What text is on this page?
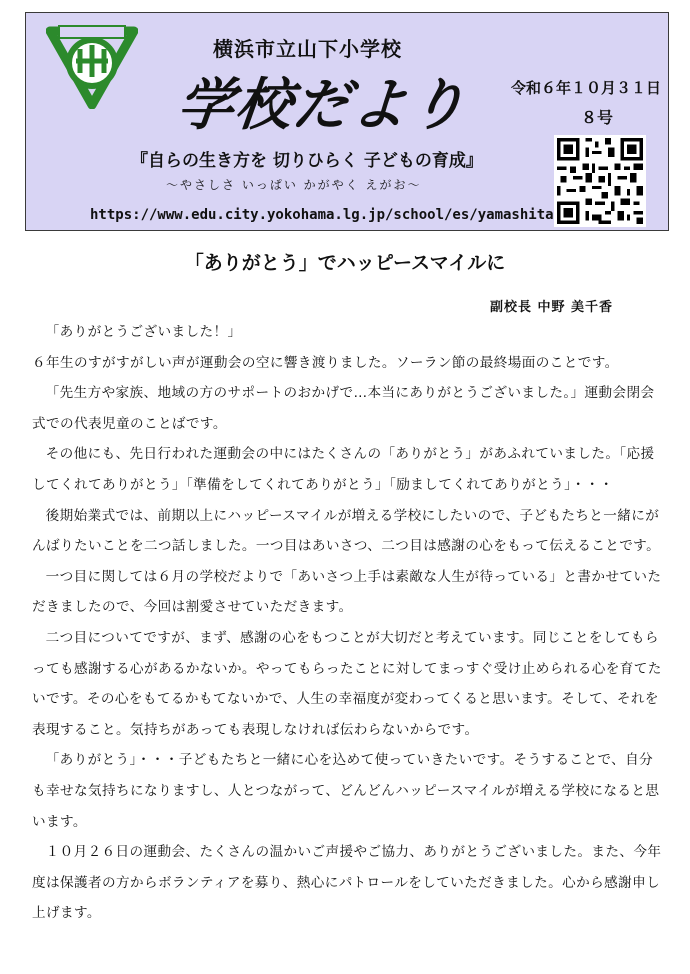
横浜市立山下小学校
学校だより	令和６年１０月３１日
８号
『自らの生き方を 切りひらく 子どもの育成』
～やさしさ いっぱい かがやく えがお～
https://www.edu.city.yokohama.lg.jp/school/es/yamashita
「ありがとう」でハッピースマイルに
副校長 中野 美千香

「ありがとうございました！」

６年生のすがすがしい声が運動会の空に響き渡りました。ソーラン節の最終場面のことです。

「先生方や家族、地域の方のサポートのおかげで…本当にありがとうございました。」運動会閉会式での代表児童のことばです。

その他にも、先日行われた運動会の中にはたくさんの「ありがとう」があふれていました。「応援してくれてありがとう」「準備をしてくれてありがとう」「励ましてくれてありがとう」・・・

後期始業式では、前期以上にハッピースマイルが増える学校にしたいので、子どもたちと一緒にがんばりたいことを二つ話しました。一つ目はあいさつ、二つ目は感謝の心をもって伝えることです。

一つ目に関しては６月の学校だよりで「あいさつ上手は素敵な人生が待っている」と書かせていただきましたので、今回は割愛させていただきます。

二つ目についてですが、まず、感謝の心をもつことが大切だと考えています。同じことをしてもらっても感謝する心があるかないか。やってもらったことに対してまっすぐ受け止められる心を育てたいです。その心をもてるかもてないかで、人生の幸福度が変わってくると思います。そして、それを表現すること。気持ちがあっても表現しなければ伝わらないからです。

「ありがとう」・・・子どもたちと一緒に心を込めて使っていきたいです。そうすることで、自分も幸せな気持ちになりますし、人とつながって、どんどんハッピースマイルが増える学校になると思います。

１０月２６日の運動会、たくさんの温かいご声援やご協力、ありがとうございました。また、今年度は保護者の方からボランティアを募り、熱心にパトロールをしていただきました。心から感謝申し上げます。
